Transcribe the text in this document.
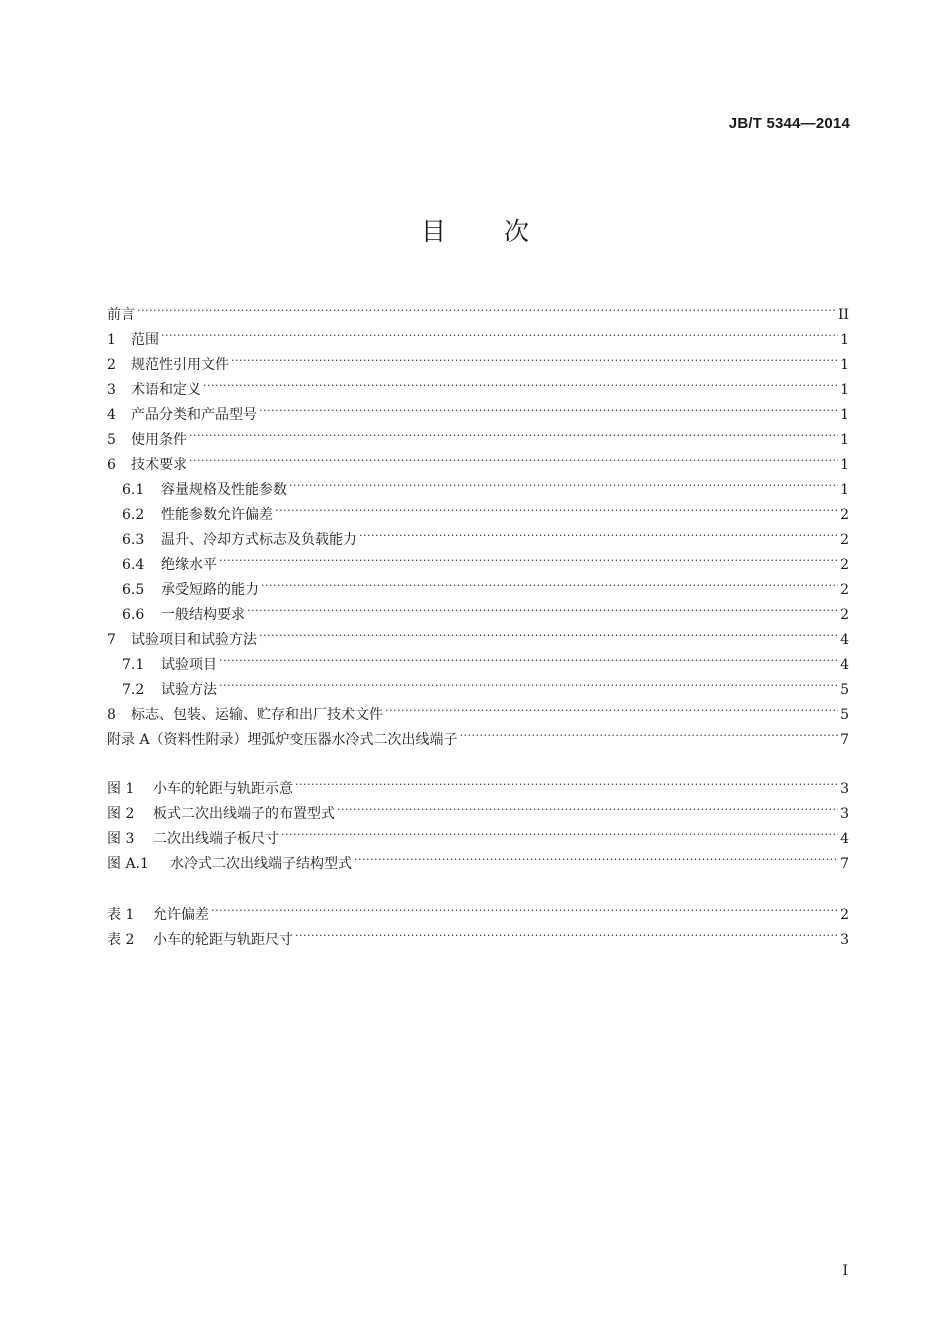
JB/T 5344—2014
目 次
前言 .....	II
1	范围 .....	1
2	规范性引用文件 .....	1
3	术语和定义 .....	1
4	产品分类和产品型号 .....	1
5	使用条件 .....	1
6	技术要求 .....	1
6.1	容量规格及性能参数 .....	1
6.2	性能参数允许偏差 .....	2
6.3	温升、冷却方式标志及负载能力 .....	2
6.4	绝缘水平 .....	2
6.5	承受短路的能力 .....	2
6.6	一般结构要求 .....	2
7	试验项目和试验方法 .....	4
7.1	试验项目 .....	4
7.2	试验方法 .....	5
8	标志、包装、运输、贮存和出厂技术文件 .....	5
附录 A（资料性附录）埋弧炉变压器水冷式二次出线端子 .....	7
图 1	小车的轮距与轨距示意 .....	3
图 2	板式二次出线端子的布置型式 .....	3
图 3	二次出线端子板尺寸 .....	4
图 A.1	水冷式二次出线端子结构型式 .....	7
表 1	允许偏差 .....	2
表 2	小车的轮距与轨距尺寸 .....	3
I
